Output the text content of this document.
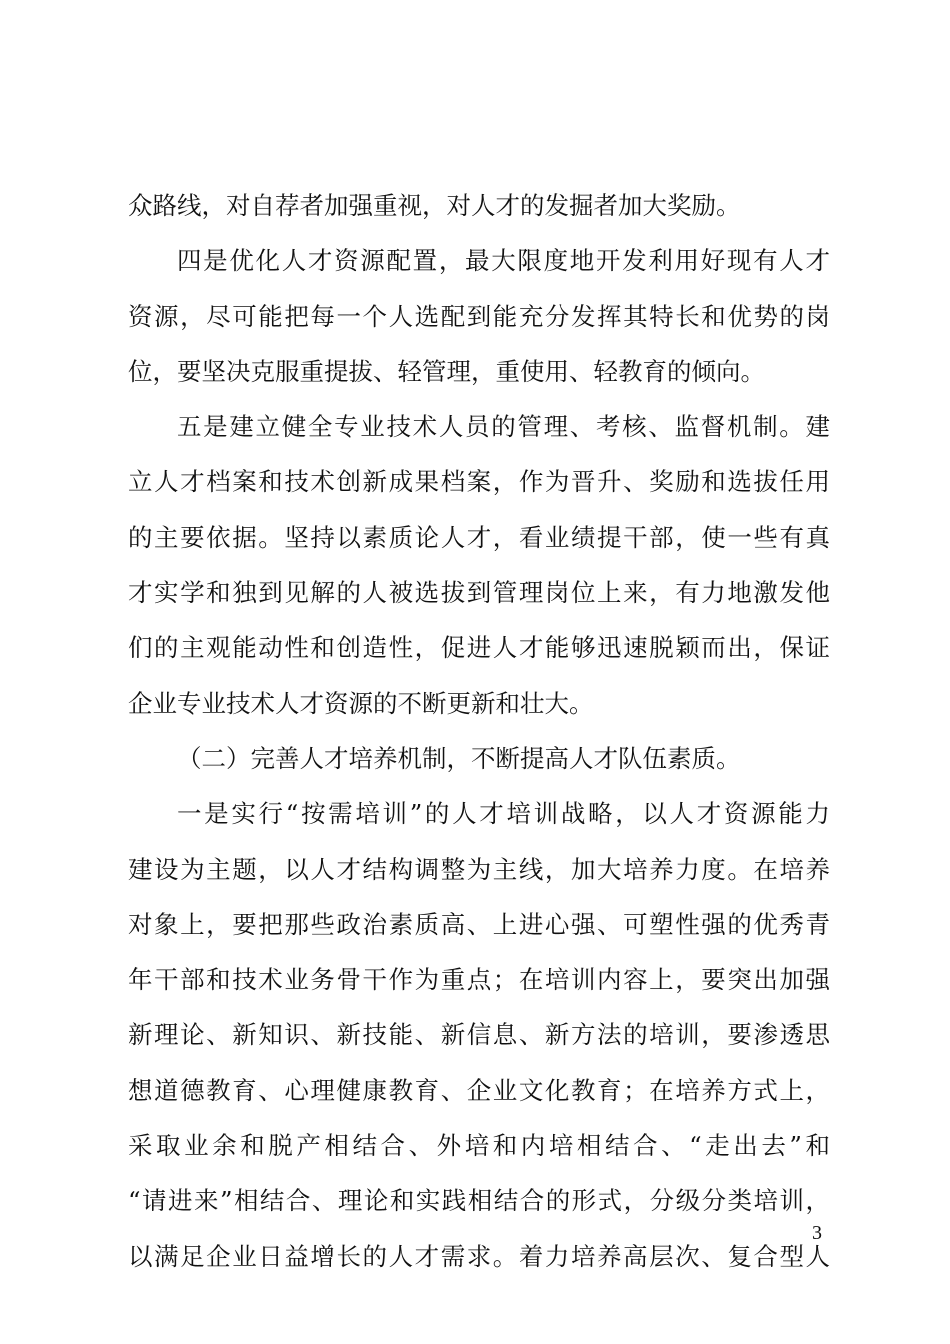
众路线，对自荐者加强重视，对人才的发掘者加大奖励。
四是优化人才资源配置，最大限度地开发利用好现有人才
资源，尽可能把每一个人选配到能充分发挥其特长和优势的岗
位，要坚决克服重提拔、轻管理，重使用、轻教育的倾向。
五是建立健全专业技术人员的管理、考核、监督机制。建
立人才档案和技术创新成果档案，作为晋升、奖励和选拔任用
的主要依据。坚持以素质论人才，看业绩提干部，使一些有真
才实学和独到见解的人被选拔到管理岗位上来，有力地激发他
们的主观能动性和创造性，促进人才能够迅速脱颖而出，保证
企业专业技术人才资源的不断更新和壮大。
（二）完善人才培养机制，不断提高人才队伍素质。
一是实行“按需培训”的人才培训战略，以人才资源能力
建设为主题，以人才结构调整为主线，加大培养力度。在培养
对象上，要把那些政治素质高、上进心强、可塑性强的优秀青
年干部和技术业务骨干作为重点；在培训内容上，要突出加强
新理论、新知识、新技能、新信息、新方法的培训，要渗透思
想道德教育、心理健康教育、企业文化教育；在培养方式上，
采取业余和脱产相结合、外培和内培相结合、“走出去”和
“请进来”相结合、理论和实践相结合的形式，分级分类培训，
以满足企业日益增长的人才需求。着力培养高层次、复合型人
3
